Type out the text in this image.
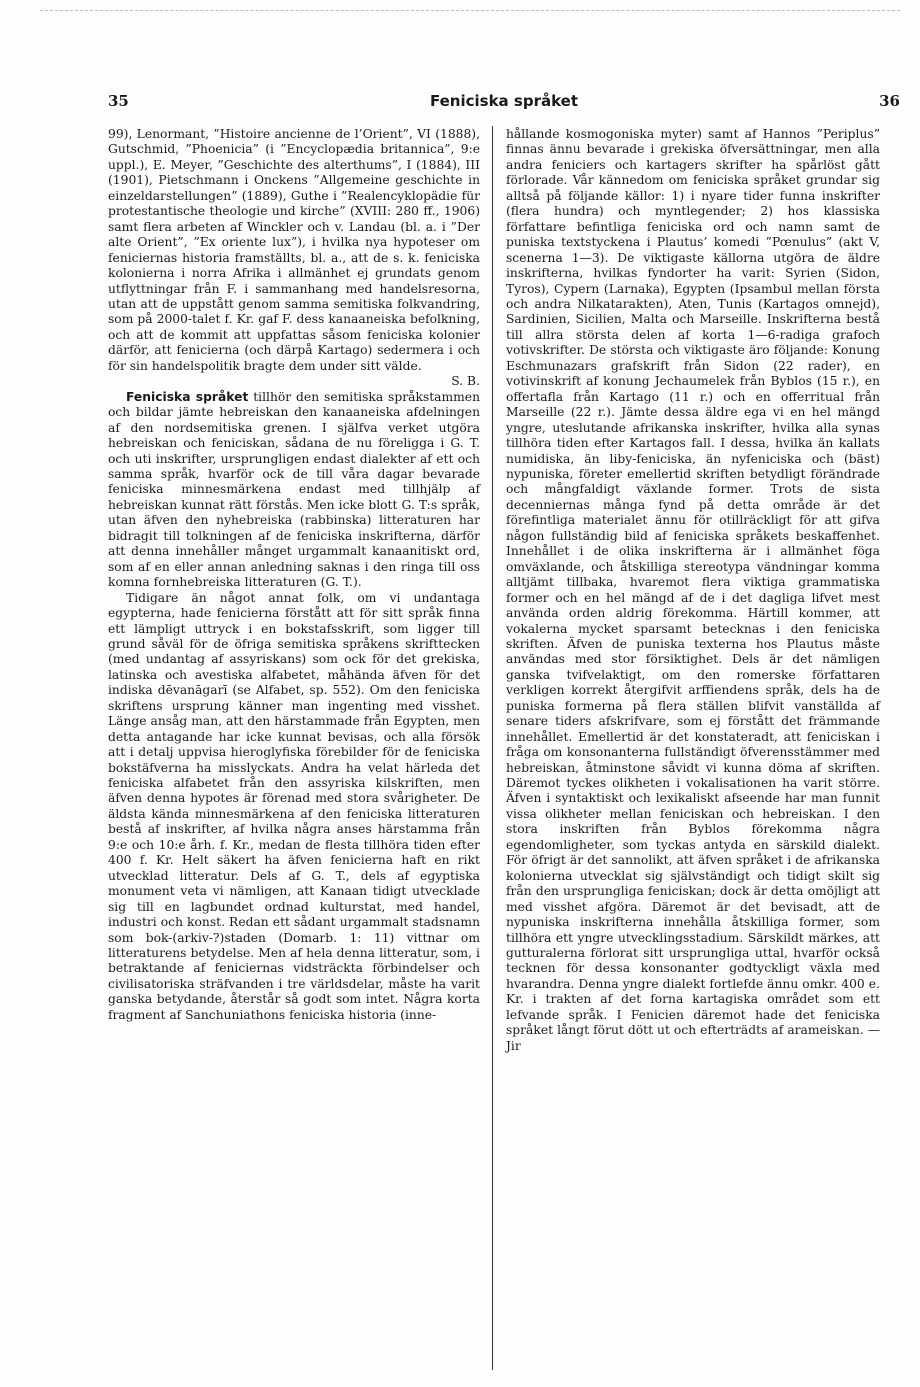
35	Feniciska språket	36

99), Lenormant, ”Histoire ancienne de l’Orient”, VI (1888), Gutschmid, ”Phoenicia” (i ”Encyclopædia britannica”, 9:e uppl.), E. Meyer, ”Geschichte des alterthums”, I (1884), III (1901), Pietschmann i Onckens ”Allgemeine geschichte in einzeldarstellungen” (1889), Guthe i ”Realencyklopädie für protestantische theologie und kirche” (XVIII: 280 ff., 1906) samt flera arbeten af Winckler och v. Landau (bl. a. i ”Der alte Orient”, ”Ex oriente lux”), i hvilka nya hypoteser om feniciernas historia framställts, bl. a., att de s. k. feniciska kolonierna i norra Afrika i allmänhet ej grundats genom utflyttningar från F. i sammanhang med handelsresorna, utan att de uppstått genom samma semitiska folkvandring, som på 2000-talet f. Kr. gaf F. dess kanaaneiska befolkning, och att de kommit att uppfattas såsom feniciska kolonier därför, att fenicierna (och därpå Kartago) sedermera i och för sin handelspolitik bragte dem under sitt välde.

S. B.

Feniciska språket tillhör den semitiska språkstammen och bildar jämte hebreiskan den kanaaneiska afdelningen af den nordsemitiska grenen. I själfva verket utgöra hebreiskan och feniciskan, sådana de nu föreligga i G. T. och uti inskrifter, ursprungligen endast dialekter af ett och samma språk, hvarför ock de till våra dagar bevarade feniciska minnesmärkena endast med tillhjälp af hebreiskan kunnat rätt förstås. Men icke blott G. T:s språk, utan äfven den nyhebreiska (rabbinska) litteraturen har bidragit till tolkningen af de feniciska inskrifterna, därför att denna innehåller månget urgammalt kanaanitiskt ord, som af en eller annan anledning saknas i den ringa till oss komna fornhebreiska litteraturen (G. T.).

Tidigare än något annat folk, om vi undantaga egypterna, hade fenicierna förstått att för sitt språk finna ett lämpligt uttryck i en bokstafsskrift, som ligger till grund såväl för de öfriga semitiska språkens skrifttecken (med undantag af assyriskans) som ock för det grekiska, latinska och avestiska alfabetet, måhända äfven för det indiska dēvanāgarī (se Alfabet, sp. 552). Om den feniciska skriftens ursprung känner man ingenting med visshet. Länge ansåg man, att den härstammade från Egypten, men detta antagande har icke kunnat bevisas, och alla försök att i detalj uppvisa hieroglyfiska förebilder för de feniciska bokstäfverna ha misslyckats. Andra ha velat härleda det feniciska alfabetet från den assyriska kilskriften, men äfven denna hypotes är förenad med stora svårigheter. De äldsta kända minnesmärkena af den feniciska litteraturen bestå af inskrifter, af hvilka några anses härstamma från 9:e och 10:e årh. f. Kr., medan de flesta tillhöra tiden efter 400 f. Kr. Helt säkert ha äfven fenicierna haft en rikt utvecklad litteratur. Dels af G. T., dels af egyptiska monument veta vi nämligen, att Kanaan tidigt utvecklade sig till en lagbundet ordnad kulturstat, med handel, industri och konst. Redan ett sådant urgammalt stadsnamn som bok-(arkiv-?)staden (Domarb. 1: 11) vittnar om litteraturens betydelse. Men af hela denna litteratur, som, i betraktande af feniciernas vidsträckta förbindelser och civilisatoriska sträfvanden i tre världsdelar, måste ha varit ganska betydande, återstår så godt som intet. Några korta fragment af Sanchuniathons feniciska historia (inne-

hållande kosmogoniska myter) samt af Hannos ”Periplus” finnas ännu bevarade i grekiska öfversättningar, men alla andra feniciers och kartagers skrifter ha spårlöst gått förlorade. Vår kännedom om feniciska språket grundar sig alltså på följande källor: 1) i nyare tider funna inskrifter (flera hundra) och myntlegender; 2) hos klassiska författare befintliga feniciska ord och namn samt de puniska textstyckena i Plautus’ komedi ”Pœnulus” (akt V, scenerna 1—3). De viktigaste källorna utgöra de äldre inskrifterna, hvilkas fyndorter ha varit: Syrien (Sidon, Tyros), Cypern (Larnaka), Egypten (Ipsambul mellan första och andra Nilkatarakten), Aten, Tunis (Kartagos omnejd), Sardinien, Sicilien, Malta och Marseille. Inskrifterna bestå till allra största delen af korta 1—6-radiga grafoch votivskrifter. De största och viktigaste äro följande: Konung Eschmunazars grafskrift från Sidon (22 rader), en votivinskrift af konung Jechaumelek från Byblos (15 r.), en offertafla från Kartago (11 r.) och en offerritual från Marseille (22 r.). Jämte dessa äldre ega vi en hel mängd yngre, uteslutande afrikanska inskrifter, hvilka alla synas tillhöra tiden efter Kartagos fall. I dessa, hvilka än kallats numidiska, än liby-feniciska, än nyfeniciska och (bäst) nypuniska, företer emellertid skriften betydligt förändrade och mångfaldigt växlande former. Trots de sista decenniernas många fynd på detta område är det förefintliga materialet ännu för otillräckligt för att gifva någon fullständig bild af feniciska språkets beskaffenhet. Innehållet i de olika inskrifterna är i allmänhet föga omväxlande, och åtskilliga stereotypa vändningar komma alltjämt tillbaka, hvaremot flera viktiga grammatiska former och en hel mängd af de i det dagliga lifvet mest använda orden aldrig förekomma. Härtill kommer, att vokalerna mycket sparsamt betecknas i den feniciska skriften. Äfven de puniska texterna hos Plautus måste användas med stor försiktighet. Dels är det nämligen ganska tvifvelaktigt, om den romerske författaren verkligen korrekt återgifvit arffiendens språk, dels ha de puniska formerna på flera ställen blifvit vanställda af senare tiders afskrifvare, som ej förstått det främmande innehållet. Emellertid är det konstateradt, att feniciskan i fråga om konsonanterna fullständigt öfverensstämmer med hebreiskan, åtminstone såvidt vi kunna döma af skriften. Däremot tyckes olikheten i vokalisationen ha varit större. Äfven i syntaktiskt och lexikaliskt afseende har man funnit vissa olikheter mellan feniciskan och hebreiskan. I den stora inskriften från Byblos förekomma några egendomligheter, som tyckas antyda en särskild dialekt. För öfrigt är det sannolikt, att äfven språket i de afrikanska kolonierna utvecklat sig självständigt och tidigt skilt sig från den ursprungliga feniciskan; dock är detta omöjligt att med visshet afgöra. Däremot är det bevisadt, att de nypuniska inskrifterna innehålla åtskilliga former, som tillhöra ett yngre utvecklingsstadium. Särskildt märkes, att gutturalerna förlorat sitt ursprungliga uttal, hvarför också tecknen för dessa konsonanter godtyckligt växla med hvarandra. Denna yngre dialekt fortlefde ännu omkr. 400 e. Kr. i trakten af det forna kartagiska området som ett lefvande språk. I Fenicien däremot hade det feniciska språket långt förut dött ut och efterträdts af arameiskan. — Jir
